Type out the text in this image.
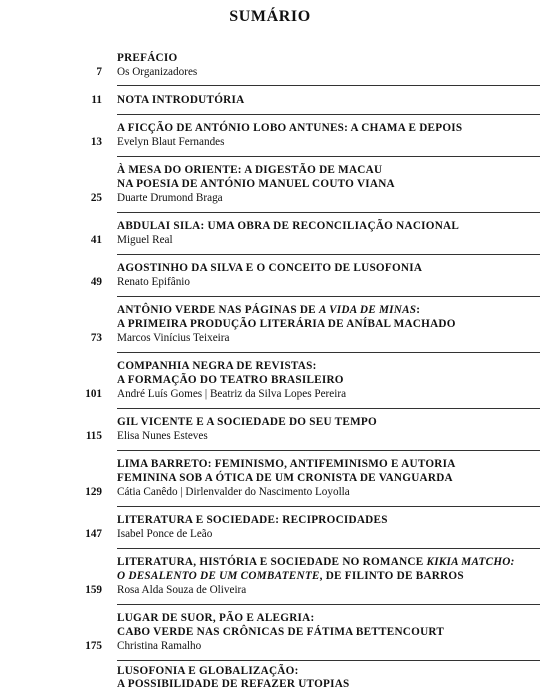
SUMÁRIO
PREFÁCIO
7 Os Organizadores
11 NOTA INTRODUTÓRIA
A FICÇÃO DE ANTÓNIO LOBO ANTUNES: A CHAMA E DEPOIS
13 Evelyn Blaut Fernandes
À MESA DO ORIENTE: A DIGESTÃO DE MACAU
NA POESIA DE ANTÓNIO MANUEL COUTO VIANA
25 Duarte Drumond Braga
ABDULAI SILA: UMA OBRA DE RECONCILIAÇÃO NACIONAL
41 Miguel Real
AGOSTINHO DA SILVA E O CONCEITO DE LUSOFONIA
49 Renato Epifânio
ANTÔNIO VERDE NAS PÁGINAS DE A VIDA DE MINAS:
A PRIMEIRA PRODUÇÃO LITERÁRIA DE ANÍBAL MACHADO
73 Marcos Vinícius Teixeira
COMPANHIA NEGRA DE REVISTAS:
A FORMAÇÃO DO TEATRO BRASILEIRO
101 André Luís Gomes | Beatriz da Silva Lopes Pereira
GIL VICENTE E A SOCIEDADE DO SEU TEMPO
115 Elisa Nunes Esteves
LIMA BARRETO: FEMINISMO, ANTIFEMINISMO E AUTORIA
FEMININA SOB A ÓTICA DE UM CRONISTA DE VANGUARDA
129 Cátia Canêdo | Dirlenvalder do Nascimento Loyolla
LITERATURA E SOCIEDADE: RECIPROCIDADES
147 Isabel Ponce de Leão
LITERATURA, HISTÓRIA E SOCIEDADE NO ROMANCE KIKIA MATCHO:
O DESALENTO DE UM COMBATENTE, DE FILINTO DE BARROS
159 Rosa Alda Souza de Oliveira
LUGAR DE SUOR, PÃO E ALEGRIA:
CABO VERDE NAS CRÔNICAS DE FÁTIMA BETTENCOURT
175 Christina Ramalho
LUSOFONIA E GLOBALIZAÇÃO:
A POSSIBILIDADE DE REFAZER UTOPIAS
